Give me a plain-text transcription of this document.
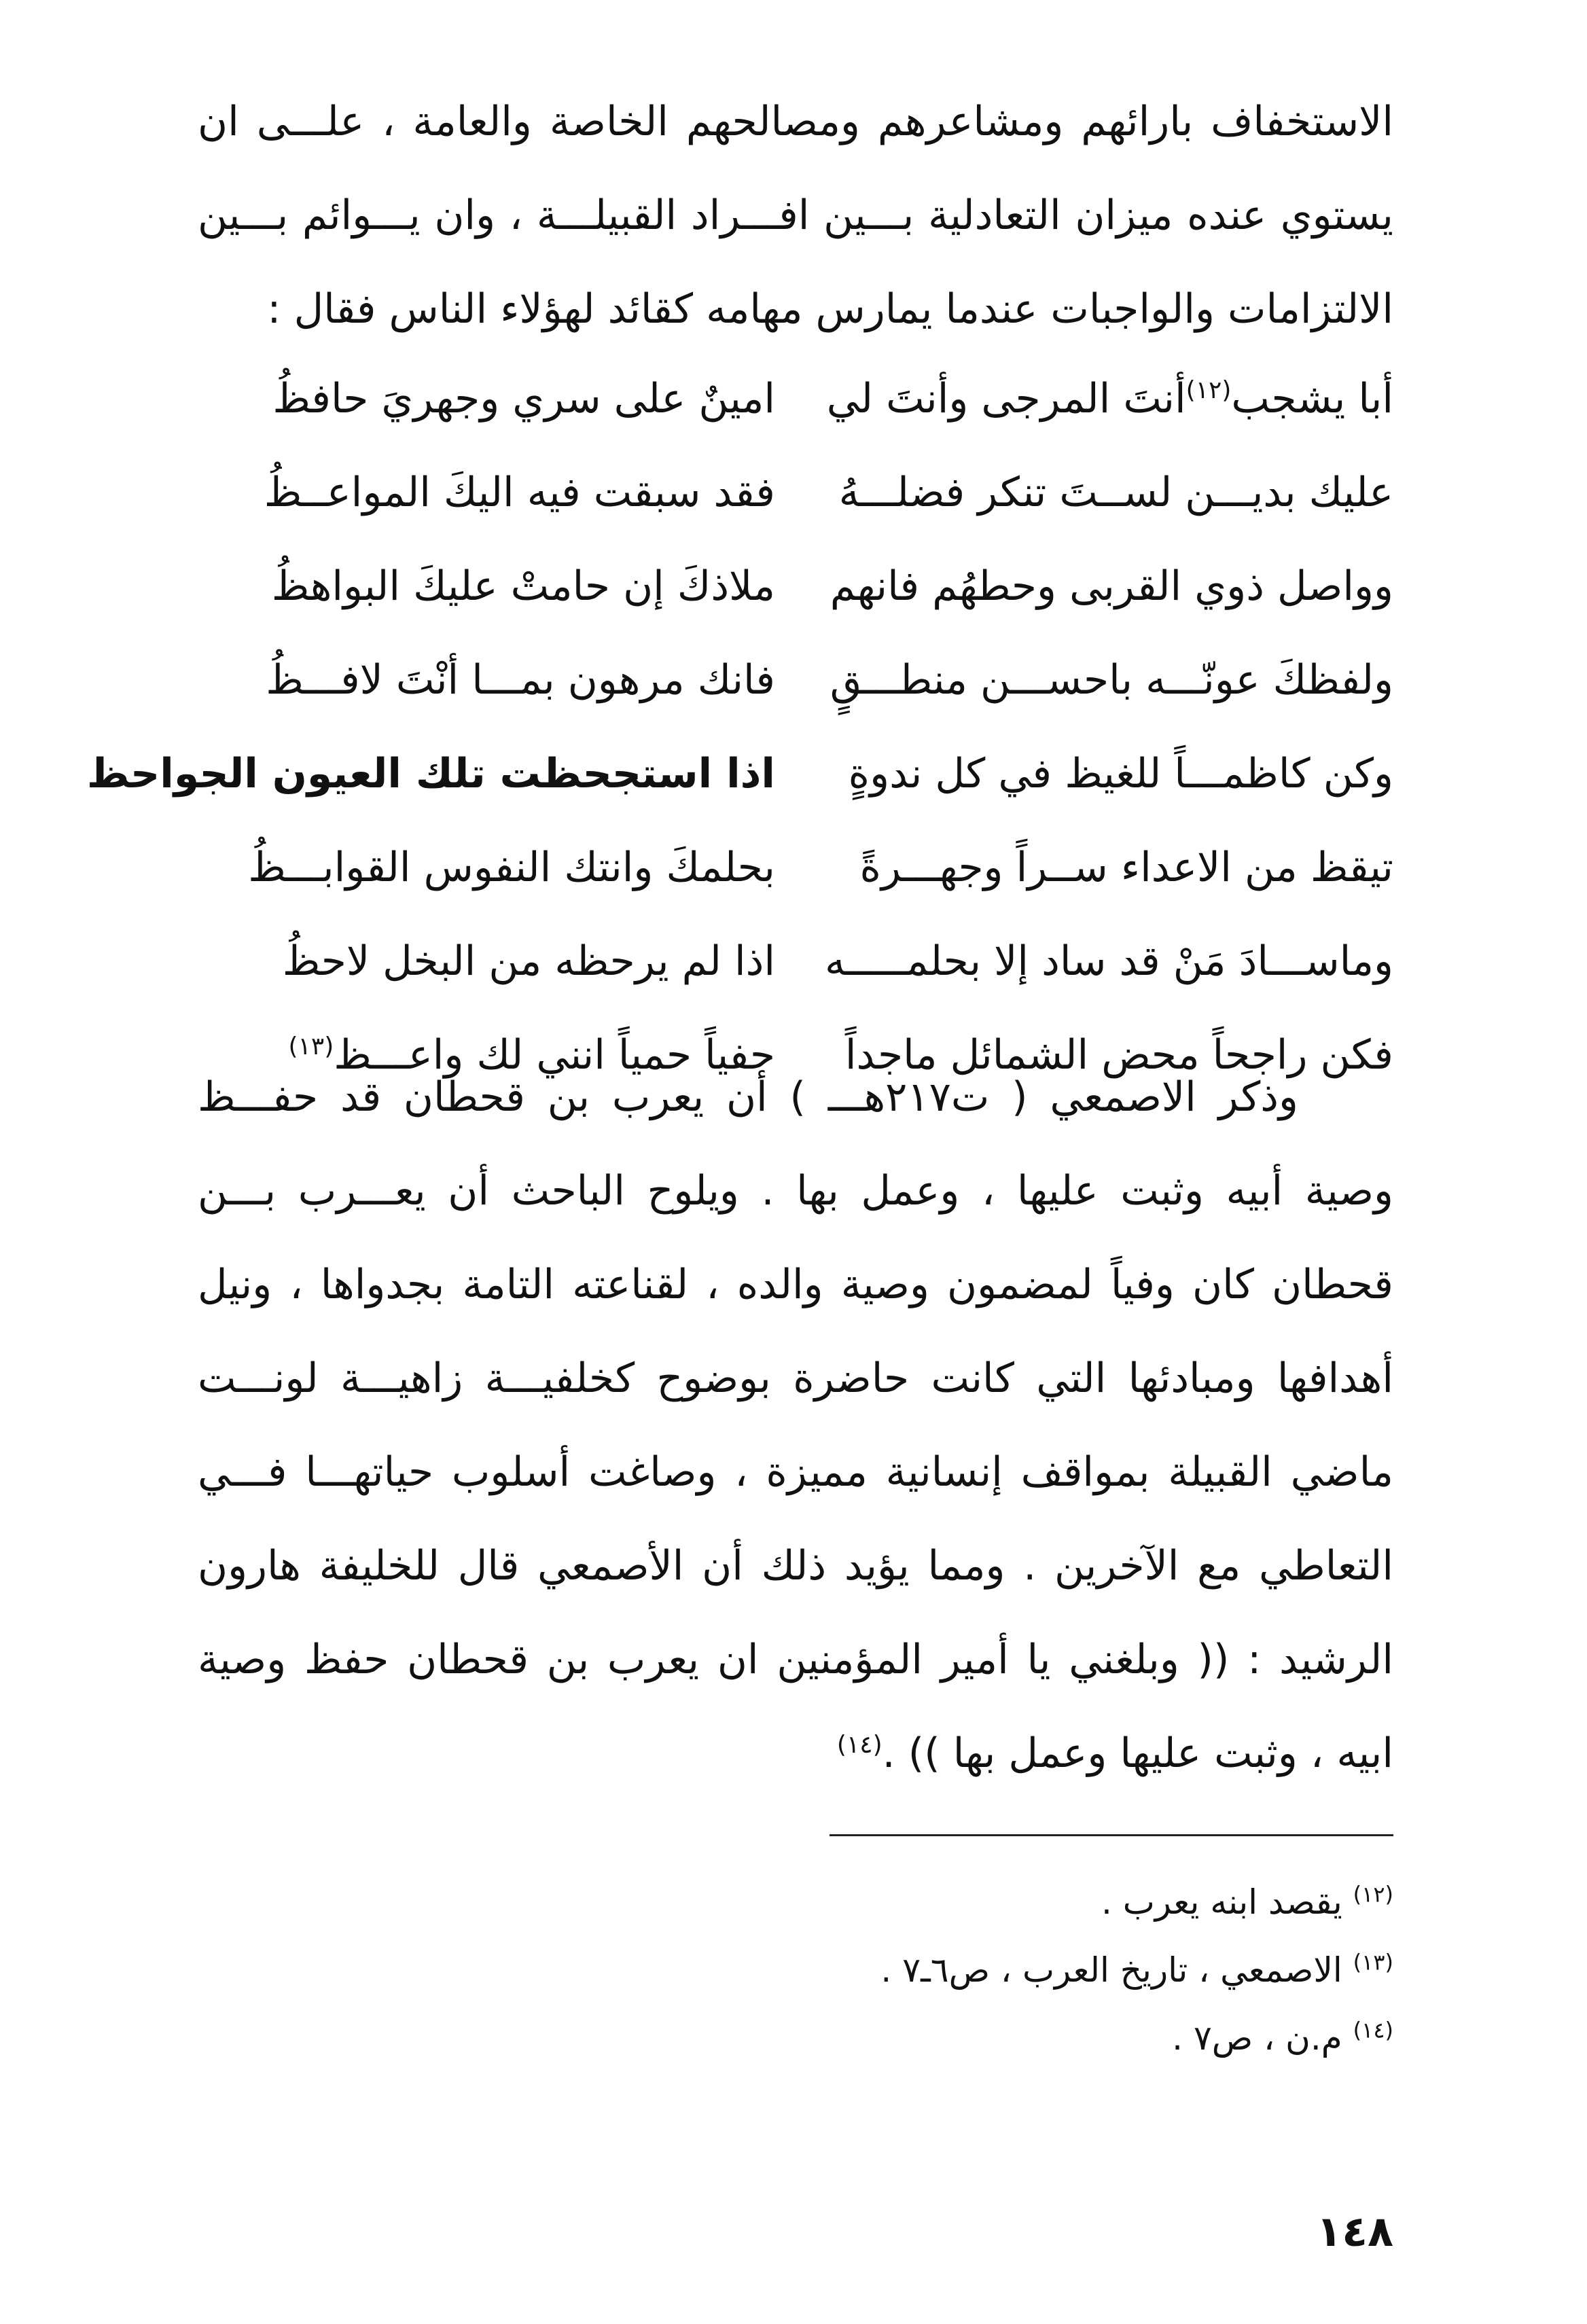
الاستخفاف بارائهم ومشاعرهم ومصالحهم الخاصة والعامة ، علـــى ان
يستوي عنده ميزان التعادلية بـــين افـــراد القبيلـــة ، وان يـــوائم بـــين
الالتزامات والواجبات عندما يمارس مهامه كقائد لهؤلاء الناس فقال :
أبا يشجب$^{(١٢)}$أنتَ المرجى وأنتَ لي
امينٌ على سري وجهريَ حافظُ
عليك بديـــن لســتَ تنكر فضلـــهُ
فقد سبقت فيه اليكَ المواعــظُ
وواصل ذوي القربى وحطهُم فانهم
ملاذكَ إن حامتْ عليكَ البواهظُ
ولفظكَ عونّـــه باحســـن منطـــقٍ
فانك مرهون بمـــا أنْتَ لافـــظُ
وكن كاظمـــاً للغيظ في كل ندوةٍ
اذا استجحظت تلك العيون الجواحظ
تيقظ من الاعداء ســراً وجهـــرةً
بحلمكَ وانتك النفوس القوابـــظُ
وماســـادَ مَنْ قد ساد إلا بحلمـــــه
اذا لم يرحظه من البخل لاحظُ
فكن راجحاً محض الشمائل ماجداً
حفياً حمياً انني لك واعـــظ$^{(١٣)}$
وذكر الاصمعي ( ت٢١٧هـــ ) أن يعرب بن قحطان قد حفـــظ
وصية أبيه وثبت عليها ، وعمل بها . ويلوح الباحث أن يعـــرب بـــن
قحطان كان وفياً لمضمون وصية والده ، لقناعته التامة بجدواها ، ونيل
أهدافها ومبادئها التي كانت حاضرة بوضوح كخلفيـــة زاهيـــة لونـــت
ماضي القبيلة بمواقف إنسانية مميزة ، وصاغت أسلوب حياتهـــا فـــي
التعاطي مع الآخرين . ومما يؤيد ذلك أن الأصمعي قال للخليفة هارون
الرشيد : (( وبلغني يا أمير المؤمنين ان يعرب بن قحطان حفظ وصية
ابيه ، وثبت عليها وعمل بها )) .$^{(١٤)}$
$^{(١٢)}$ يقصد ابنه يعرب .
$^{(١٣)}$ الاصمعي ، تاريخ العرب ، ص٦ـ٧ .
$^{(١٤)}$ م.ن ، ص٧ .
١٤٨
